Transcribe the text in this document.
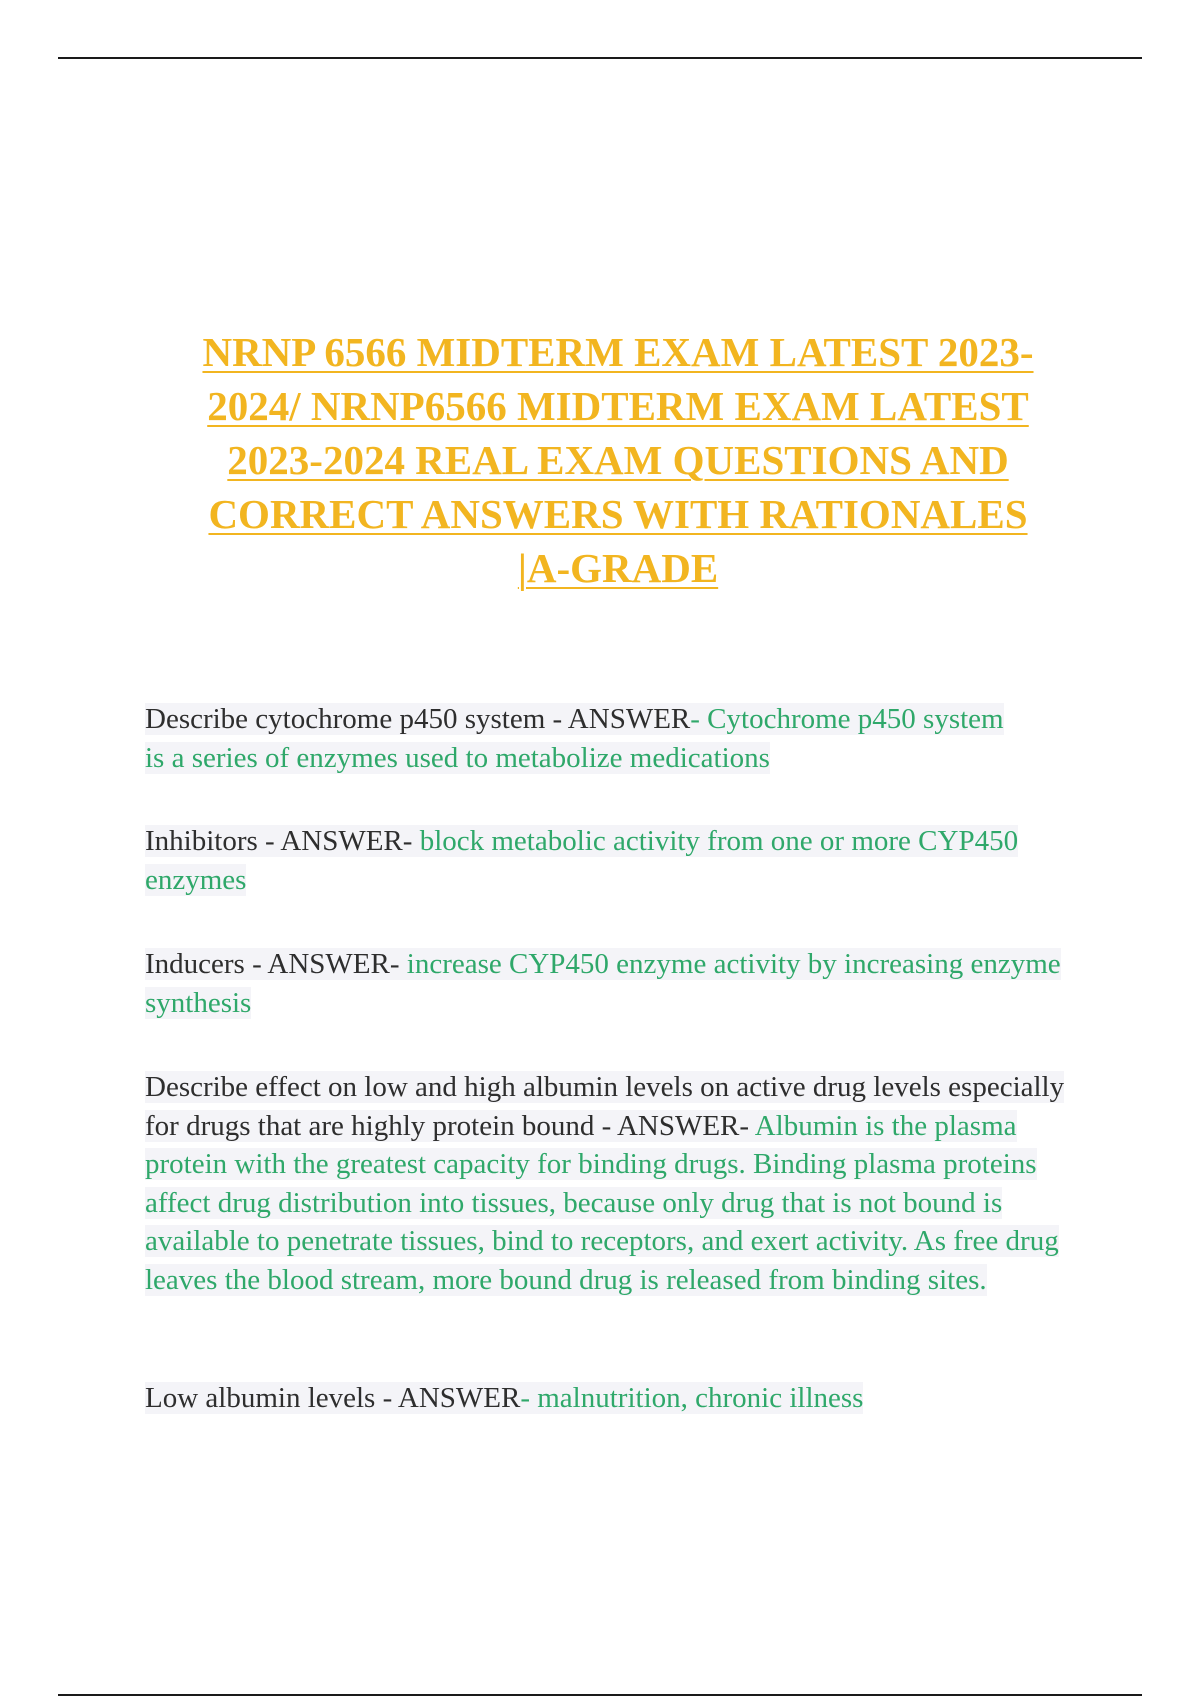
NRNP 6566 MIDTERM EXAM LATEST 2023-
2024/ NRNP6566 MIDTERM EXAM LATEST
2023-2024 REAL EXAM QUESTIONS AND
CORRECT ANSWERS WITH RATIONALES
|A-GRADE
Describe cytochrome p450 system - ANSWER- Cytochrome p450 system is a series of enzymes used to metabolize medications
Inhibitors - ANSWER- block metabolic activity from one or more CYP450 enzymes
Inducers - ANSWER- increase CYP450 enzyme activity by increasing enzyme synthesis
Describe effect on low and high albumin levels on active drug levels especially for drugs that are highly protein bound - ANSWER- Albumin is the plasma protein with the greatest capacity for binding drugs. Binding plasma proteins affect drug distribution into tissues, because only drug that is not bound is available to penetrate tissues, bind to receptors, and exert activity. As free drug leaves the blood stream, more bound drug is released from binding sites.
Low albumin levels - ANSWER- malnutrition, chronic illness
